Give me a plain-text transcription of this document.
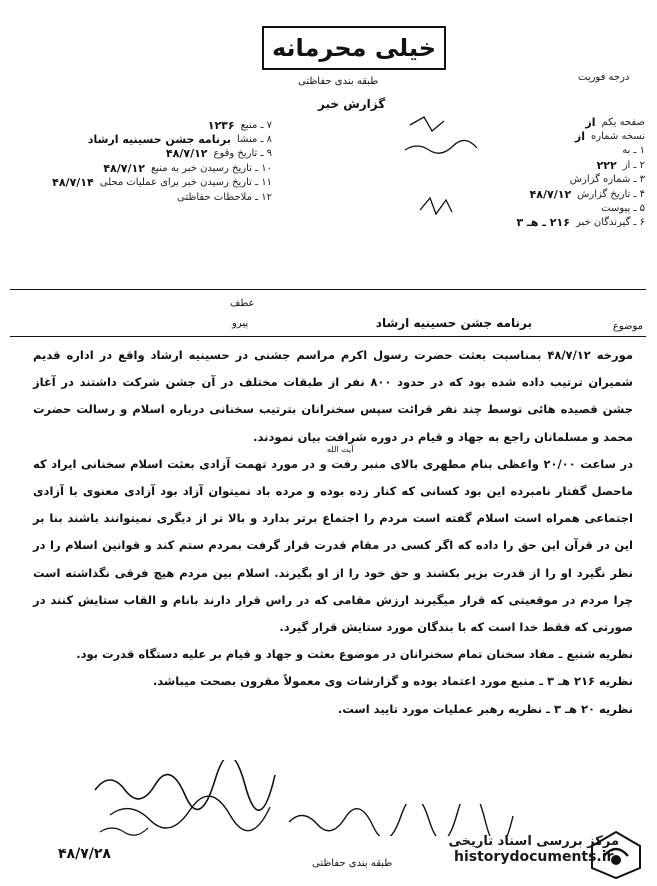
خیلی محرمانه
درجه فوریت
طبقه بندی حفاظتی
گزارش خبر
صفحه یکم
از
نسخه شماره
از
۱ ـ به
۲ ـ از
۲۲۲
۳ ـ شماره گزارش
۴ ـ تاریخ گزارش
۴۸/۷/۱۲
۵ ـ پیوست
۶ ـ گیرندگان خبر
۲۱۶ ـ هـ ۳
۷ ـ منبع
۱۲۳۶
۸ ـ منشا
برنامه جشن حسینیه ارشاد
۹ ـ تاریخ وقوع
۴۸/۷/۱۲
۱۰ ـ تاریخ رسیدن خبر به منبع
۴۸/۷/۱۲
۱۱ ـ تاریخ رسیدن خبر برای عملیات محلی
۴۸/۷/۱۴
۱۲ ـ ملاحظات حفاظتی
عطف
پیرو	موضوع
برنامه جشن حسینیه ارشاد
آیت الله

مورخه ۴۸/۷/۱۲ بمناسبت بعثت حضرت رسول اکرم مراسم جشنی در حسینیه ارشاد واقع در اداره قدیم شمیران ترتیب داده شده بود که در حدود ۸۰۰ نفر از طبقات مختلف در آن جشن شرکت داشتند در آغاز جشن قصیده هائی توسط چند نفر قرائت سپس سخنرانان بترتیب سخنانی درباره اسلام و رسالت حضرت محمد و مسلمانان راجع به جهاد و قیام در دوره شرافت بیان نمودند.

در ساعت ۲۰/۰۰ واعظی بنام مطهری بالای منبر رفت و در مورد تهمت آزادی بعثت اسلام سخنانی ایراد که ماحصل گفتار نامبرده این بود کسانی که کنار زده بوده و مرده باد نمیتوان آزاد بود آزادی معنوی با آزادی اجتماعی همراه است اسلام گفته است مردم را اجتماع برتر بدارد و بالا تر از دیگری نمیتوانند باشند بنا بر این در قرآن این حق را داده که اگر کسی در مقام قدرت قرار گرفت بمردم ستم کند و قوانین اسلام را در نظر نگیرد او را از قدرت بزیر بکشند و حق خود را از او بگیرند. اسلام بین مردم هیچ فرقی نگذاشته است چرا مردم در موقعیتی که قرار میگیرند ارزش مقامی که در راس قرار دارند بانام و القاب ستایش کنند در صورتی که فقط خدا است که با بندگان مورد ستایش قرار گیرد.

نظریه شنبع ـ مفاد سخنان تمام سخنرانان در موضوع بعثت و جهاد و قیام بر علیه دستگاه قدرت بود.

نظریه ۲۱۶ هـ ۳ ـ منبع مورد اعتماد بوده و گزارشات وی معمولاً مقرون بصحت میباشد.

نظریه ۲۰ هـ ۳ ـ نظریه رهبر عملیات مورد تایید است.

طبقه بندی حفاظتی
۴۸/۷/۲۸
مرکز بررسی اسناد تاریخی
historydocuments.ir
